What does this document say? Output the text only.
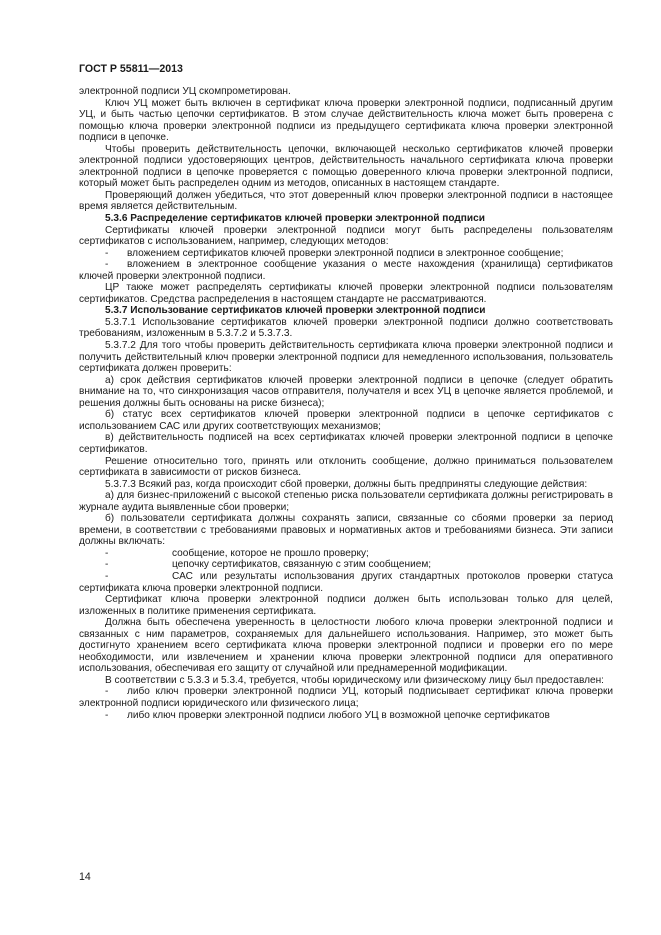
ГОСТ Р 55811—2013

электронной подписи УЦ скомпрометирован.

Ключ УЦ может быть включен в сертификат ключа проверки электронной подписи, подписанный другим УЦ, и быть частью цепочки сертификатов. В этом случае действительность ключа может быть проверена с помощью ключа проверки электронной подписи из предыдущего сертификата ключа проверки электронной подписи в цепочке.

Чтобы проверить действительность цепочки, включающей несколько сертификатов ключей проверки электронной подписи удостоверяющих центров, действительность начального сертификата ключа проверки электронной подписи в цепочке проверяется с помощью доверенного ключа проверки электронной подписи, который может быть распределен одним из методов, описанных в настоящем стандарте.

Проверяющий должен убедиться, что этот доверенный ключ проверки электронной подписи в настоящее время является действительным.

5.3.6 Распределение сертификатов ключей проверки электронной подписи

Сертификаты ключей проверки электронной подписи могут быть распределены пользователям сертификатов с использованием, например, следующих методов:

- вложением сертификатов ключей проверки электронной подписи в электронное сообщение;

- вложением в электронное сообщение указания о месте нахождения (хранилища) сертификатов ключей проверки электронной подписи.

ЦР также может распределять сертификаты ключей проверки электронной подписи пользователям сертификатов. Средства распределения в настоящем стандарте не рассматриваются.

5.3.7 Использование сертификатов ключей проверки электронной подписи

5.3.7.1 Использование сертификатов ключей проверки электронной подписи должно соответствовать требованиям, изложенным в 5.3.7.2 и 5.3.7.3.

5.3.7.2 Для того чтобы проверить действительность сертификата ключа проверки электронной подписи и получить действительный ключ проверки электронной подписи для немедленного использования, пользователь сертификата должен проверить:

а) срок действия сертификатов ключей проверки электронной подписи в цепочке (следует обратить внимание на то, что синхронизация часов отправителя, получателя и всех УЦ в цепочке является проблемой, и решения должны быть основаны на риске бизнеса);

б) статус всех сертификатов ключей проверки электронной подписи в цепочке сертификатов с использованием САС или других соответствующих механизмов;

в) действительность подписей на всех сертификатах ключей проверки электронной подписи в цепочке сертификатов.

Решение относительно того, принять или отклонить сообщение, должно приниматься пользователем сертификата в зависимости от рисков бизнеса.

5.3.7.3 Всякий раз, когда происходит сбой проверки, должны быть предприняты следующие действия:

а) для бизнес-приложений с высокой степенью риска пользователи сертификата должны регистрировать в журнале аудита выявленные сбои проверки;

б) пользователи сертификата должны сохранять записи, связанные со сбоями проверки за период времени, в соответствии с требованиями правовых и нормативных актов и требованиями бизнеса. Эти записи должны включать:

- сообщение, которое не прошло проверку;

- цепочку сертификатов, связанную с этим сообщением;

- САС или результаты использования других стандартных протоколов проверки статуса сертификата ключа проверки электронной подписи.

Сертификат ключа проверки электронной подписи должен быть использован только для целей, изложенных в политике применения сертификата.

Должна быть обеспечена уверенность в целостности любого ключа проверки электронной подписи и связанных с ним параметров, сохраняемых для дальнейшего использования. Например, это может быть достигнуто хранением всего сертификата ключа проверки электронной подписи и проверки его по мере необходимости, или извлечением и хранении ключа проверки электронной подписи для оперативного использования, обеспечивая его защиту от случайной или преднамеренной модификации.

В соответствии с 5.3.3 и 5.3.4, требуется, чтобы юридическому или физическому лицу был предоставлен:

- либо ключ проверки электронной подписи УЦ, который подписывает сертификат ключа проверки электронной подписи юридического или физического лица;

- либо ключ проверки электронной подписи любого УЦ в возможной цепочке сертификатов

14
